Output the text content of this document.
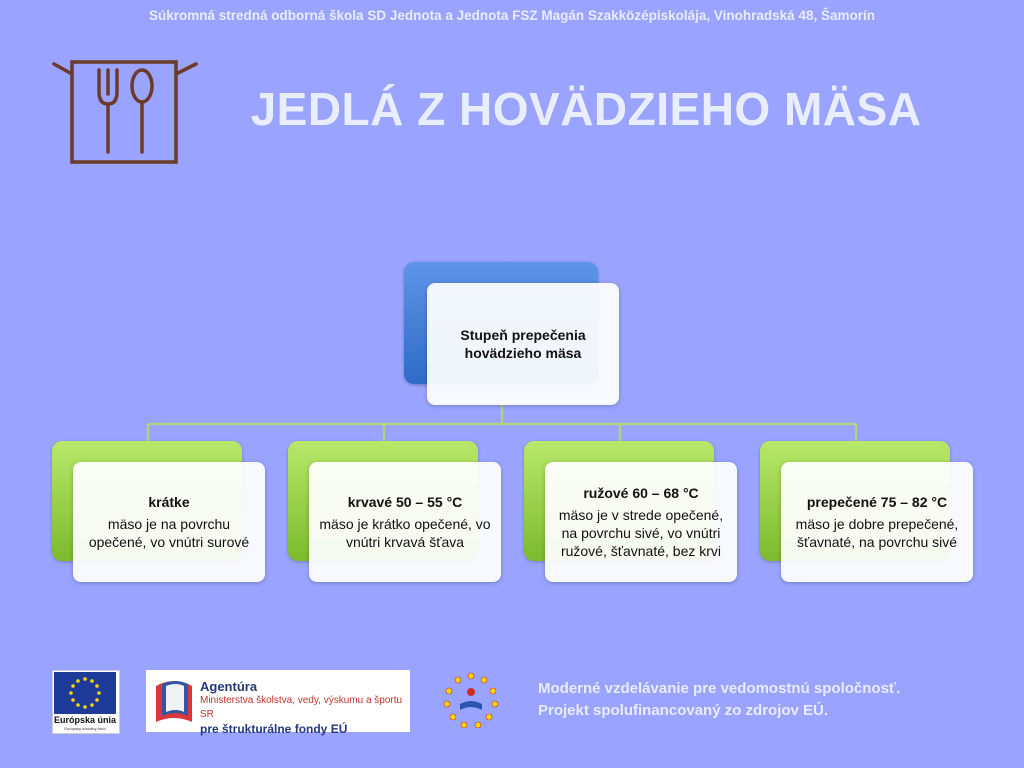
Súkromná stredná odborná škola SD Jednota a Jednota FSZ Magán Szakközépiskolája, Vinohradská 48, Šamorín
JEDLÁ Z HOVÄDZIEHO MÄSA
Stupeň prepečenia
hovädzieho mäsa
krátke
mäso je na povrchu opečené, vo vnútri surové
krvavé 50 – 55 °C
mäso je krátko opečené, vo vnútri krvavá šťava
ružové 60 – 68 °C
mäso je v strede opečené, na povrchu sivé, vo vnútri ružové, šťavnaté, bez krvi
prepečené 75 – 82 °C
mäso je dobre prepečené, šťavnaté, na povrchu sivé
Európska únia
Európsky sociálny fond
Agentúra
Ministerstva školstva, vedy, výskumu a športu SR
pre štrukturálne fondy EÚ
Moderné vzdelávanie pre vedomostnú spoločnosť.
Projekt spolufinancovaný zo zdrojov EÚ.
